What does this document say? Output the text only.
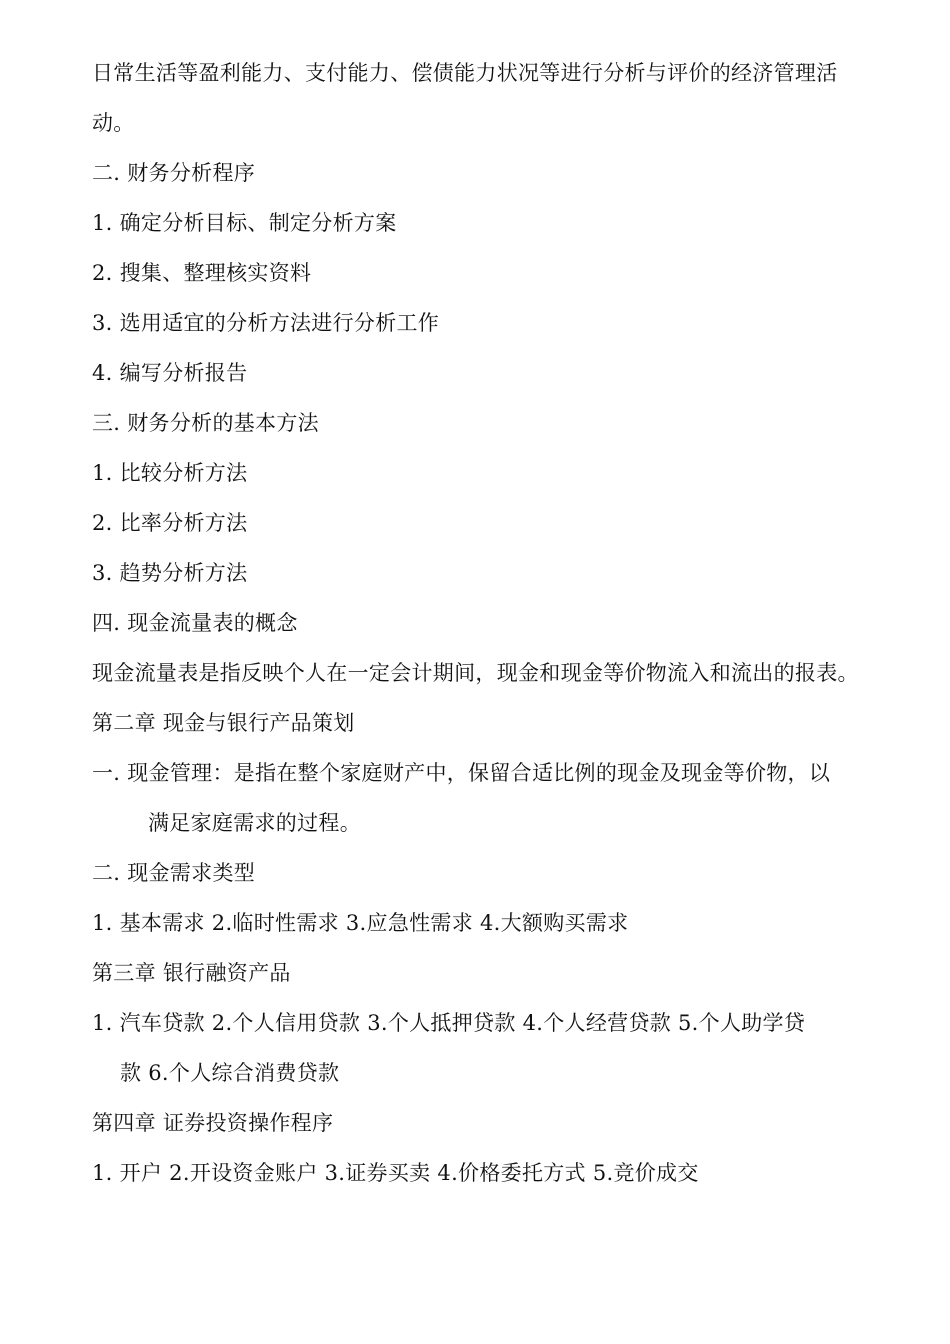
日常生活等盈利能力、支付能力、偿债能力状况等进行分析与评价的经济管理活
动。
二. 财务分析程序
1. 确定分析目标、制定分析方案
2. 搜集、整理核实资料
3. 选用适宜的分析方法进行分析工作
4. 编写分析报告
三. 财务分析的基本方法
1. 比较分析方法
2. 比率分析方法
3. 趋势分析方法
四. 现金流量表的概念
现金流量表是指反映个人在一定会计期间，现金和现金等价物流入和流出的报表。
第二章 现金与银行产品策划
一. 现金管理：是指在整个家庭财产中，保留合适比例的现金及现金等价物，以
满足家庭需求的过程。
二. 现金需求类型
1. 基本需求 2.临时性需求 3.应急性需求 4.大额购买需求
第三章 银行融资产品
1. 汽车贷款 2.个人信用贷款 3.个人抵押贷款 4.个人经营贷款 5.个人助学贷
款 6.个人综合消费贷款
第四章 证券投资操作程序
1. 开户 2.开设资金账户 3.证券买卖 4.价格委托方式 5.竞价成交
